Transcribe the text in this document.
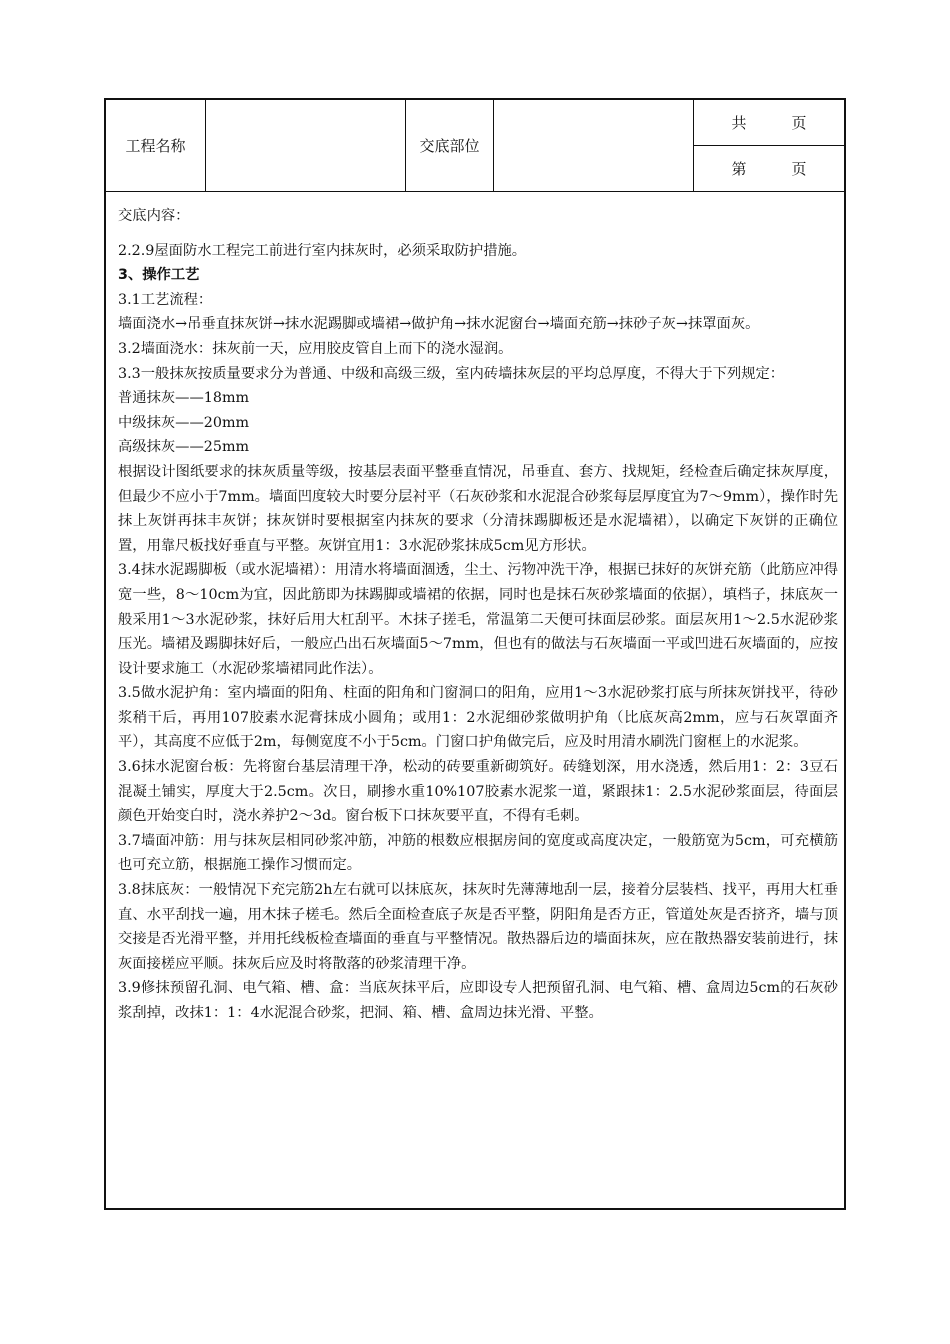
工程名称	交底部位
共　　　页
第　　　页

交底内容：

2.2.9屋面防水工程完工前进行室内抹灰时，必须采取防护措施。

3、操作工艺

3.1工艺流程：

墙面浇水→吊垂直抹灰饼→抹水泥踢脚或墙裙→做护角→抹水泥窗台→墙面充筋→抹砂子灰→抹罩面灰。

3.2墙面浇水：抹灰前一天，应用胶皮管自上而下的浇水湿润。

3.3一般抹灰按质量要求分为普通、中级和高级三级，室内砖墙抹灰层的平均总厚度，不得大于下列规定：

普通抹灰——18mm

中级抹灰——20mm

高级抹灰——25mm

根据设计图纸要求的抹灰质量等级，按基层表面平整垂直情况，吊垂直、套方、找规矩，经检查后确定抹灰厚度，但最少不应小于7mm。墙面凹度较大时要分层衬平（石灰砂浆和水泥混合砂浆每层厚度宜为7～9mm），操作时先抹上灰饼再抹丰灰饼；抹灰饼时要根据室内抹灰的要求（分清抹踢脚板还是水泥墙裙），以确定下灰饼的正确位置，用靠尺板找好垂直与平整。灰饼宜用1：3水泥砂浆抹成5cm见方形状。

3.4抹水泥踢脚板（或水泥墙裙）：用清水将墙面涸透，尘土、污物冲洗干净，根据已抹好的灰饼充筋（此筋应冲得宽一些，8～10cm为宜，因此筋即为抹踢脚或墙裙的依据，同时也是抹石灰砂浆墙面的依据），填档子，抹底灰一般采用1～3水泥砂浆，抹好后用大杠刮平。木抹子搓毛，常温第二天便可抹面层砂浆。面层灰用1～2.5水泥砂浆压光。墙裙及踢脚抹好后，一般应凸出石灰墙面5～7mm，但也有的做法与石灰墙面一平或凹进石灰墙面的，应按设计要求施工（水泥砂浆墙裙同此作法）。

3.5做水泥护角：室内墙面的阳角、柱面的阳角和门窗洞口的阳角，应用1～3水泥砂浆打底与所抹灰饼找平，待砂浆稍干后，再用107胶素水泥膏抹成小圆角；或用1：2水泥细砂浆做明护角（比底灰高2mm，应与石灰罩面齐平），其高度不应低于2m，每侧宽度不小于5cm。门窗口护角做完后，应及时用清水刷洗门窗框上的水泥浆。

3.6抹水泥窗台板：先将窗台基层清理干净，松动的砖要重新砌筑好。砖缝划深，用水浇透，然后用1：2：3豆石混凝土铺实，厚度大于2.5cm。次日，刷掺水重10%107胶素水泥浆一道，紧跟抹1：2.5水泥砂浆面层，待面层颜色开始变白时，浇水养护2～3d。窗台板下口抹灰要平直，不得有毛刺。

3.7墙面冲筋：用与抹灰层相同砂浆冲筋，冲筋的根数应根据房间的宽度或高度决定，一般筋宽为5cm，可充横筋也可充立筋，根据施工操作习惯而定。

3.8抹底灰：一般情况下充完筋2h左右就可以抹底灰，抹灰时先薄薄地刮一层，接着分层装档、找平，再用大杠垂直、水平刮找一遍，用木抹子槎毛。然后全面检查底子灰是否平整，阴阳角是否方正，管道处灰是否挤齐，墙与顶交接是否光滑平整，并用托线板检查墙面的垂直与平整情况。散热器后边的墙面抹灰，应在散热器安装前进行，抹灰面接槎应平顺。抹灰后应及时将散落的砂浆清理干净。

3.9修抹预留孔洞、电气箱、槽、盒：当底灰抹平后，应即设专人把预留孔洞、电气箱、槽、盒周边5cm的石灰砂浆刮掉，改抹1：1：4水泥混合砂浆，把洞、箱、槽、盒周边抹光滑、平整。
